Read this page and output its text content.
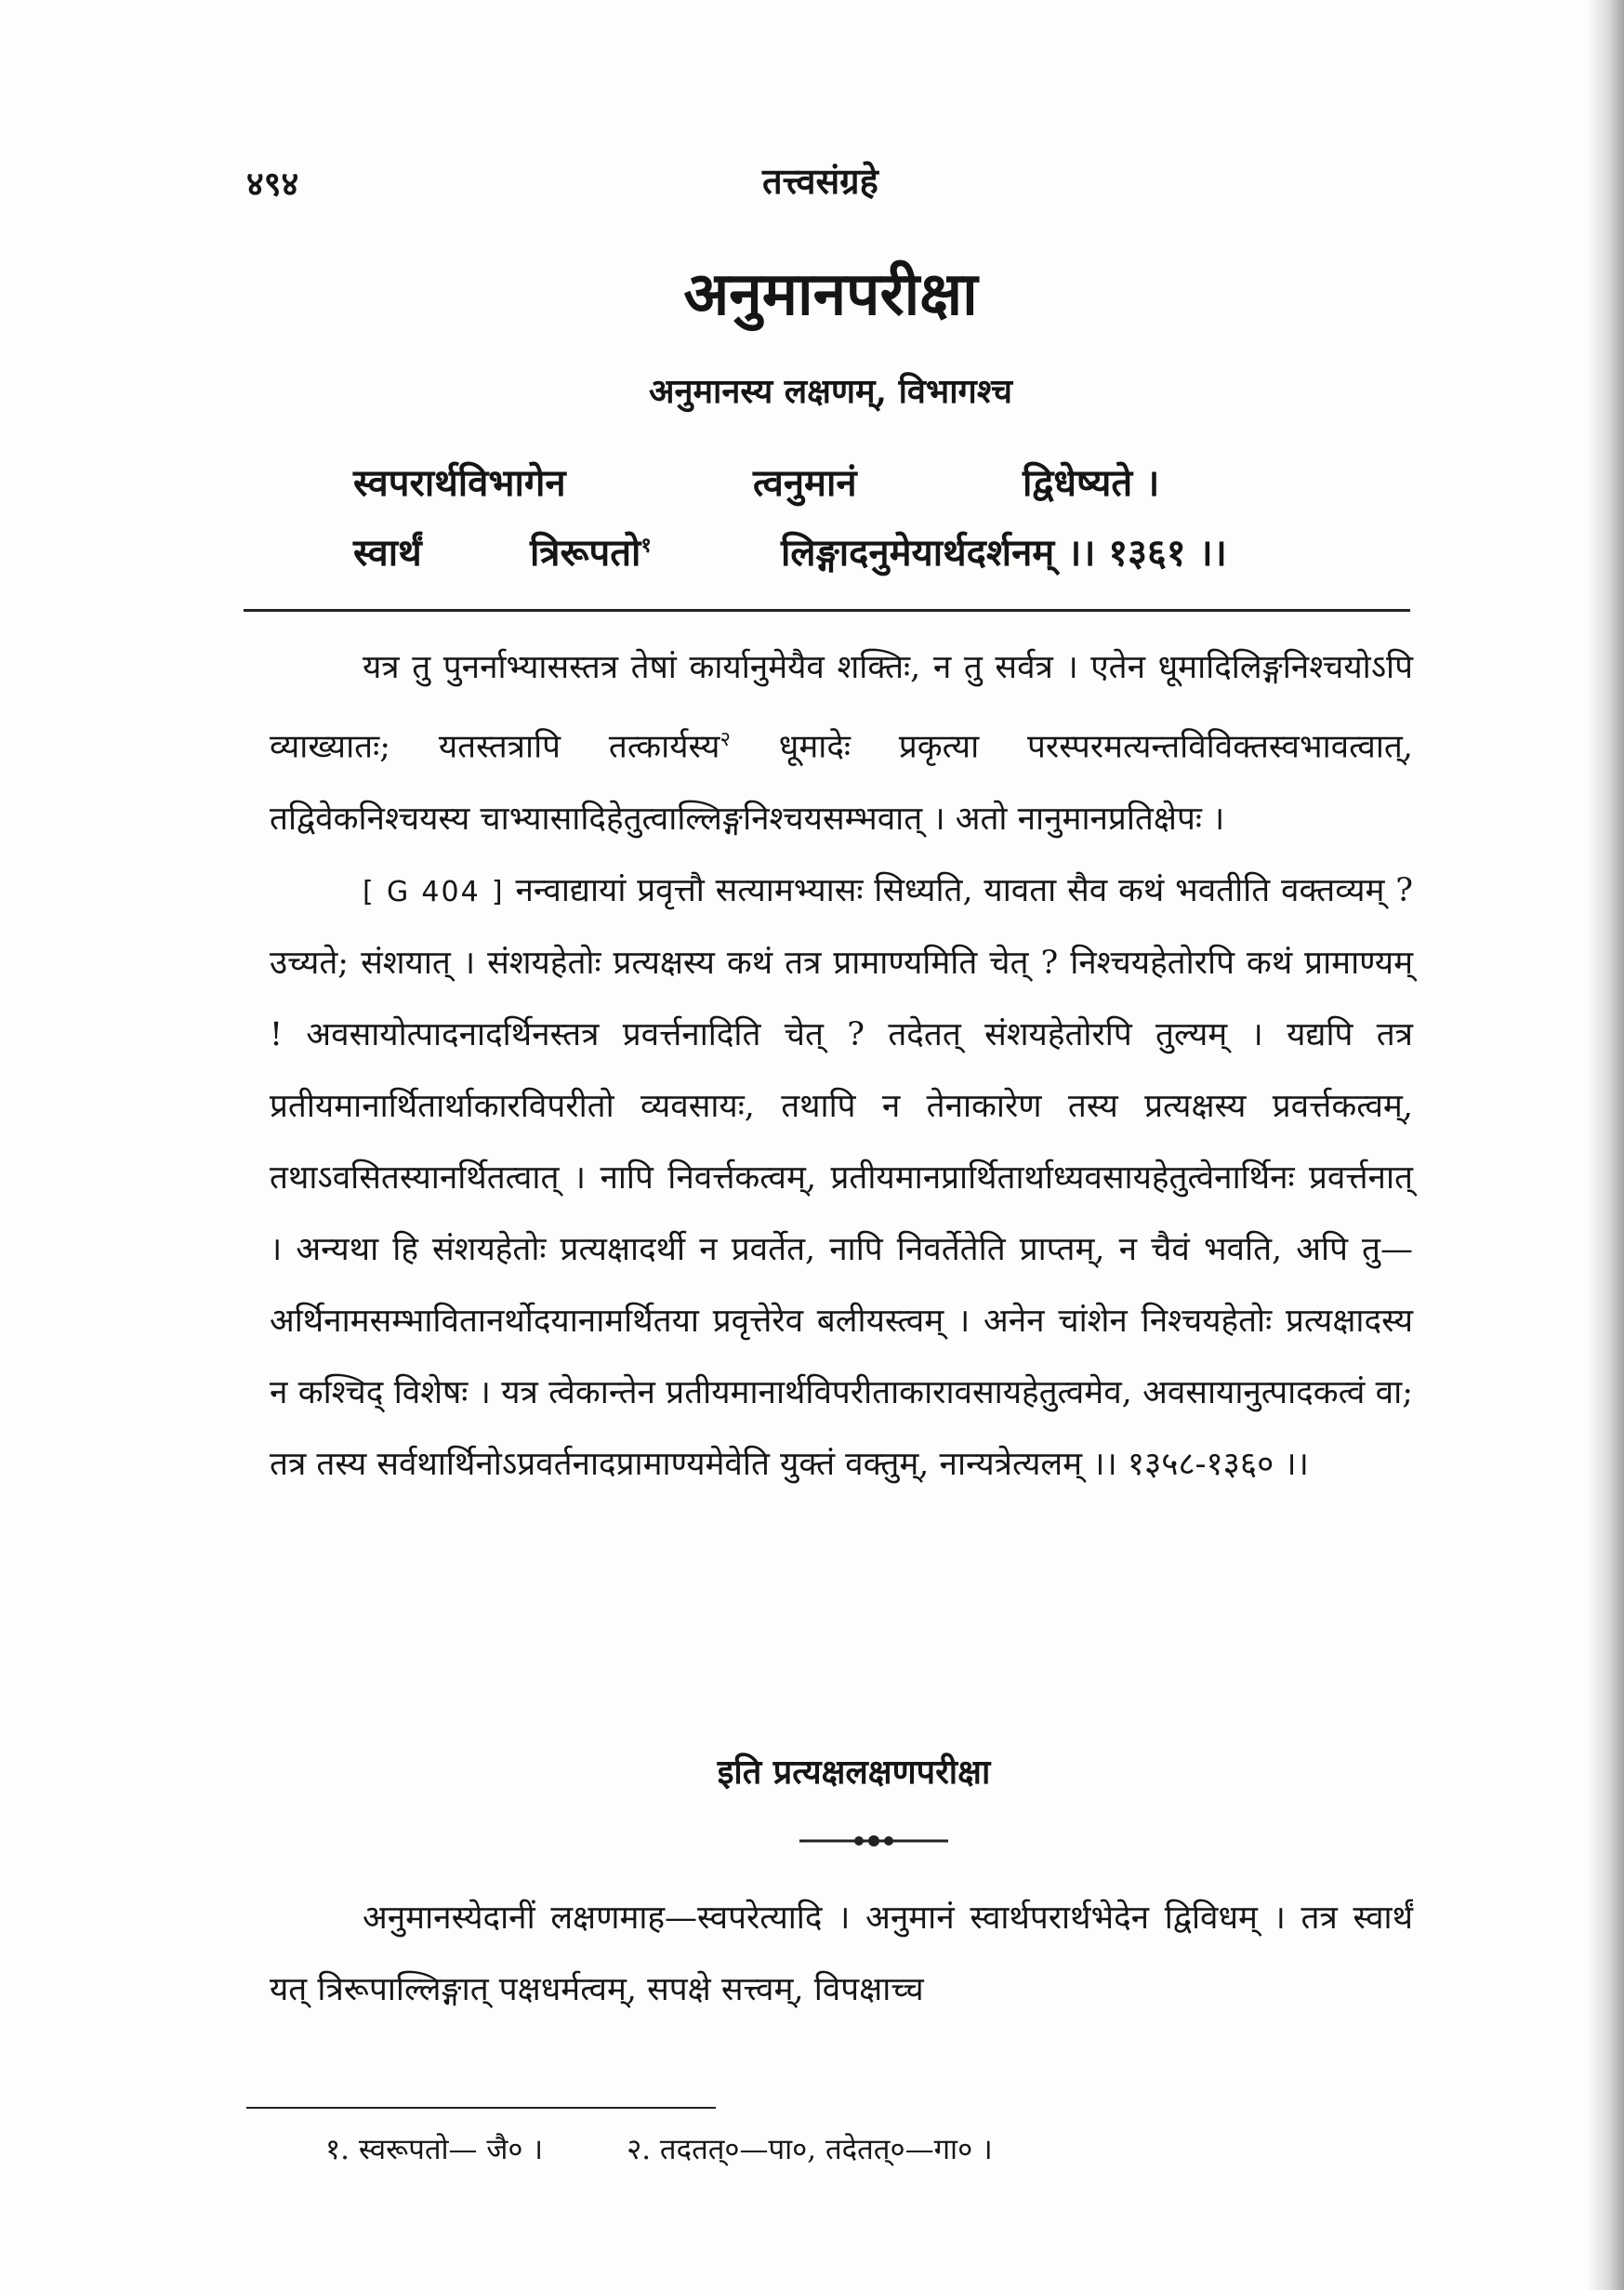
४९४	तत्त्वसंग्रहे
अनुमानपरीक्षा
अनुमानस्य लक्षणम्, विभागश्च
स्वपरार्थविभागेन	त्वनुमानं	द्विधेष्यते ।
स्वार्थं	त्रिरूपतो$^१$	लिङ्गादनुमेयार्थदर्शनम् ।। १३६१ ।।

यत्र तु पुनर्नाभ्यासस्तत्र तेषां कार्यानुमेयैव शक्तिः, न तु सर्वत्र । एतेन धूमादिलिङ्गनिश्चयोऽपि व्याख्यातः; यतस्तत्रापि तत्कार्यस्य$^२$ धूमादेः प्रकृत्या परस्परमत्यन्तविविक्तस्वभावत्वात्, तद्विवेकनिश्चयस्य चाभ्यासादिहेतुत्वाल्लिङ्गनिश्चयसम्भवात् । अतो नानुमानप्रतिक्षेपः ।

[ G 404 ] नन्वाद्यायां प्रवृत्तौ सत्यामभ्यासः सिध्यति, यावता सैव कथं भवतीति वक्तव्यम् ? उच्यते; संशयात् । संशयहेतोः प्रत्यक्षस्य कथं तत्र प्रामाण्यमिति चेत् ? निश्चयहेतोरपि कथं प्रामाण्यम् ! अवसायोत्पादनादर्थिनस्तत्र प्रवर्त्तनादिति चेत् ? तदेतत् संशयहेतोरपि तुल्यम् । यद्यपि तत्र प्रतीयमानार्थितार्थाकारविपरीतो व्यवसायः, तथापि न तेनाकारेण तस्य प्रत्यक्षस्य प्रवर्त्तकत्वम्, तथाऽवसितस्यानर्थितत्वात् । नापि निवर्त्तकत्वम्, प्रतीयमानप्रार्थितार्थाध्यवसायहेतुत्वेनार्थिनः प्रवर्त्तनात् । अन्यथा हि संशयहेतोः प्रत्यक्षादर्थी न प्रवर्तेत, नापि निवर्तेतेति प्राप्तम्, न चैवं भवति, अपि तु—अर्थिनामसम्भावितानर्थोदयानामर्थितया प्रवृत्तेरेव बलीयस्त्वम् । अनेन चांशेन निश्चयहेतोः प्रत्यक्षादस्य न कश्चिद् विशेषः । यत्र त्वेकान्तेन प्रतीयमानार्थविपरीताकारावसायहेतुत्वमेव, अवसायानुत्पादकत्वं वा; तत्र तस्य सर्वथार्थिनोऽप्रवर्तनादप्रामाण्यमेवेति युक्तं वक्तुम्, नान्यत्रेत्यलम् ।। १३५८-१३६० ।।

इति प्रत्यक्षलक्षणपरीक्षा

अनुमानस्येदानीं लक्षणमाह—स्वपरेत्यादि । अनुमानं स्वार्थपरार्थभेदेन द्विविधम् । तत्र स्वार्थं यत् त्रिरूपाल्लिङ्गात् पक्षधर्मत्वम्, सपक्षे सत्त्वम्, विपक्षाच्च

१. स्वरूपतो— जै० ।	२. तदतत्०—पा०, तदेतत्०—गा० ।
